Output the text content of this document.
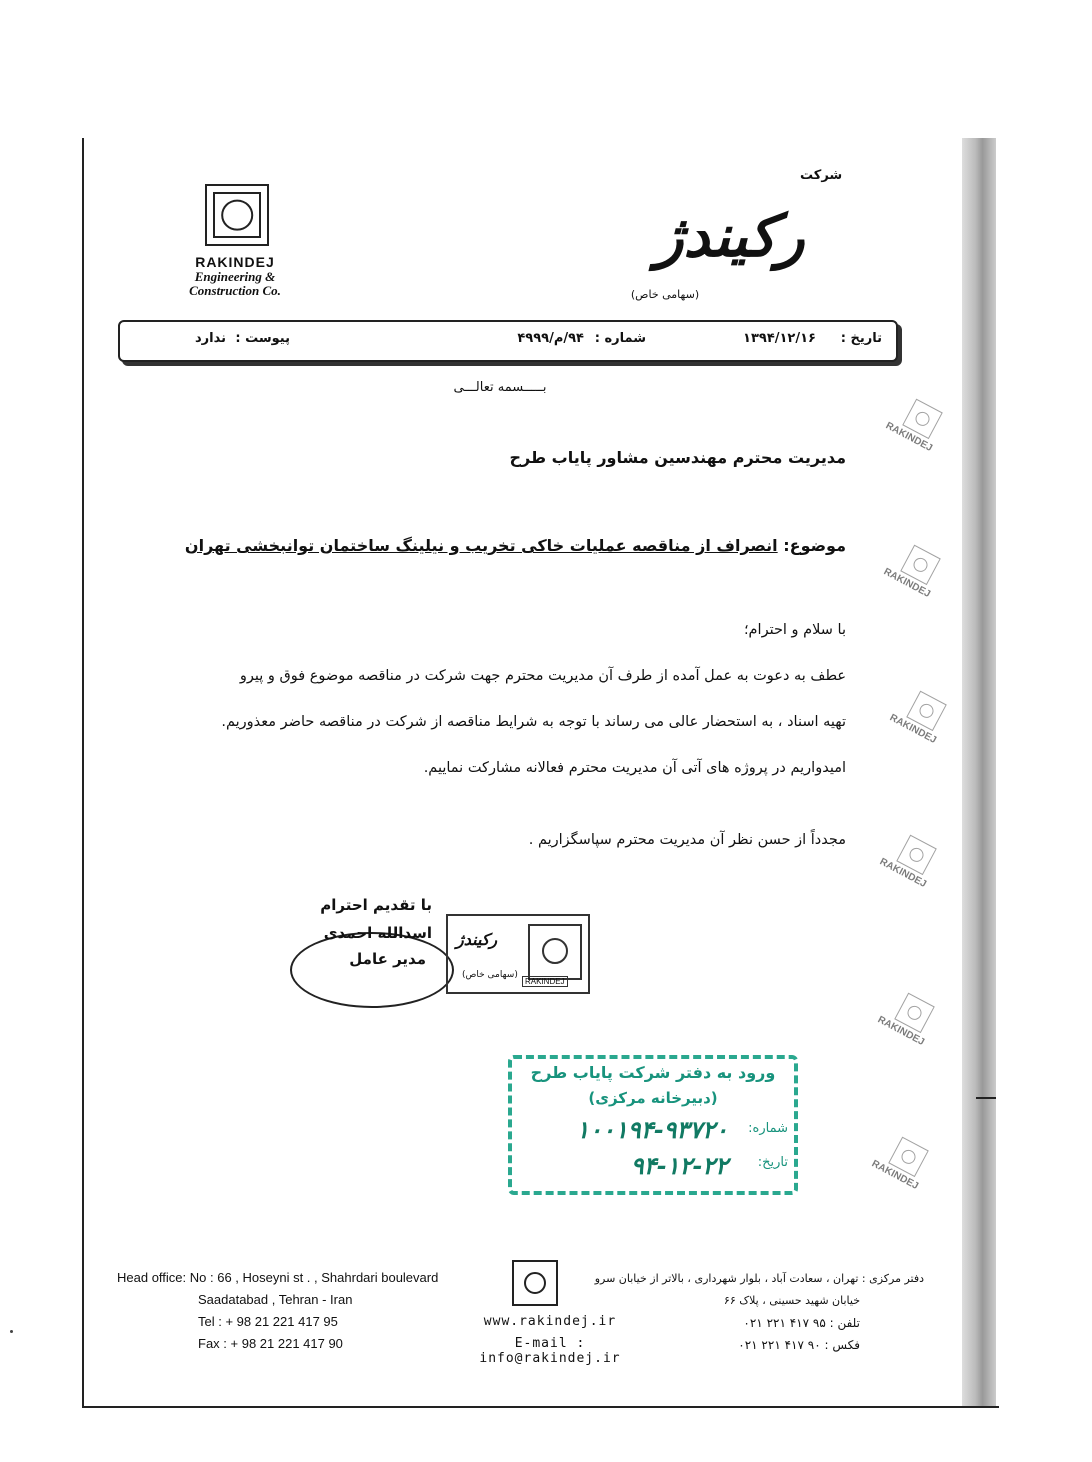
RAKINDEJ
Engineering &
Construction Co.
شرکت
رکیندژ
(سهامی خاص)
تاریخ :
۱۳۹۴/۱۲/۱۶
شماره :
۹۴/م/۴۹۹۹
پیوست :
ندارد
بـــــسمه تعالـــی
مدیریت محترم مهندسین مشاور پایاب طرح
موضوع: انصراف از مناقصه عملیات خاکی تخریب و نیلینگ ساختمان توانبخشی تهران
با سلام و احترام؛
عطف به دعوت به عمل آمده از طرف آن مدیریت محترم جهت شرکت در مناقصه موضوع فوق و پیرو
تهیه اسناد ، به استحضار عالی می رساند با توجه به شرایط مناقصه از شرکت در مناقصه حاضر معذوریم.
امیدواریم در پروژه های آتی آن مدیریت محترم فعالانه مشارکت نماییم.
مجدداً از حسن نظر آن مدیریت محترم سپاسگزاریم .
با تقدیم احترام
اسدالله احمدی
مدیر عامل
رکیندژ
(سهامی خاص)
RAKINDEJ
ورود به دفتر شرکت پایاب طرح
(دبیرخانه مرکزی)
شماره:
۱۰۰۱۹۴-۹۳۷۲۰
تاریخ:
۹۴-۱۲-۲۲
RAKINDEJ
RAKINDEJ
RAKINDEJ
RAKINDEJ
RAKINDEJ
RAKINDEJ
Head office: No : 66 , Hoseyni st . , Shahrdari boulevard
Saadatabad , Tehran - Iran
Tel : + 98 21 221 417 95
Fax : + 98 21 221 417 90
www.rakindej.ir
E-mail : info@rakindej.ir
دفتر مرکزی : تهران ، سعادت آباد ، بلوار شهرداری ، بالاتر از خیابان سرو
خیابان شهید حسینی ، پلاک ۶۶
تلفن : ۹۵ ۴۱۷ ۲۲۱ ۰۲۱
فکس : ۹۰ ۴۱۷ ۲۲۱ ۰۲۱
